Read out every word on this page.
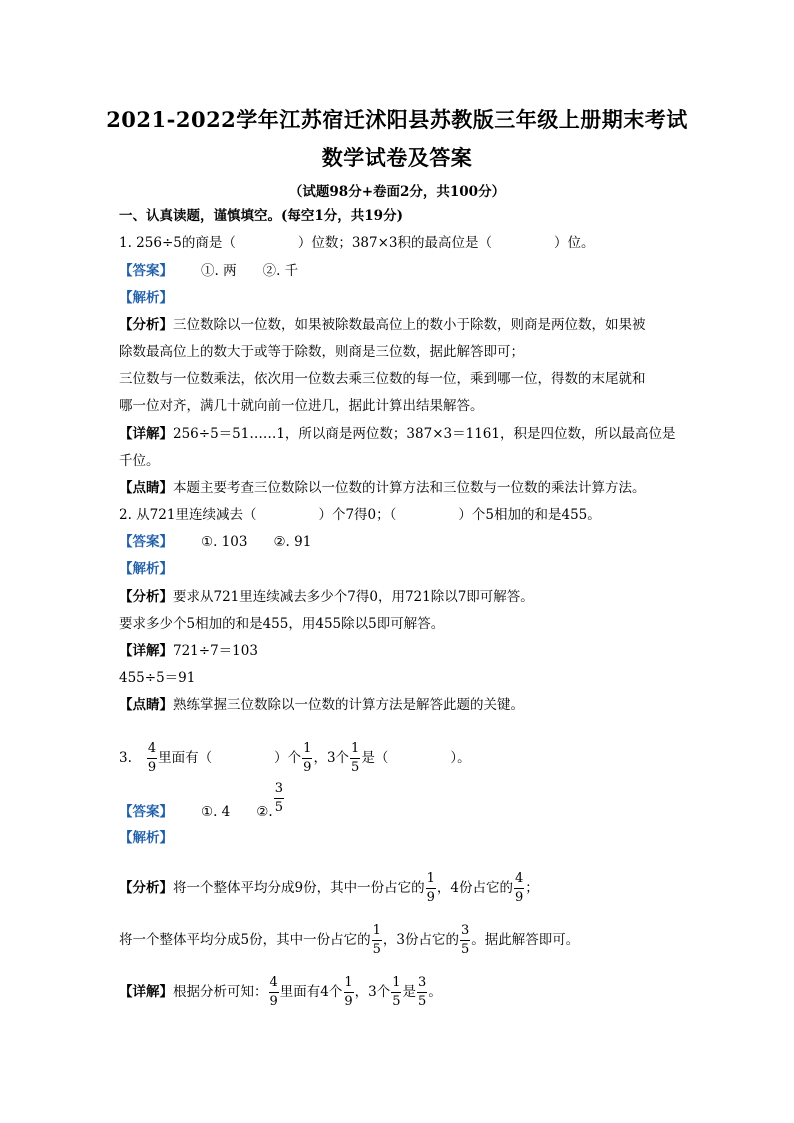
2021-2022学年江苏宿迁沭阳县苏教版三年级上册期末考试
数学试卷及答案
（试题98分+卷面2分，共100分）
一、认真读题，谨慎填空。(每空1分，共19分)
1. 256÷5的商是（	）位数；387×3积的最高位是（	）位。
【答案】 ①. 两 ②. 千
【解析】
【分析】三位数除以一位数，如果被除数最高位上的数小于除数，则商是两位数，如果被
除数最高位上的数大于或等于除数，则商是三位数，据此解答即可；
三位数与一位数乘法，依次用一位数去乘三位数的每一位，乘到哪一位，得数的末尾就和
哪一位对齐，满几十就向前一位进几，据此计算出结果解答。
【详解】256÷5＝51……1，所以商是两位数；387×3＝1161，积是四位数，所以最高位是
千位。
【点睛】本题主要考查三位数除以一位数的计算方法和三位数与一位数的乘法计算方法。
2. 从721里连续减去（	）个7得0；（	）个5相加的和是455。
【答案】 ①. 103 ②. 91
【解析】
【分析】要求从721里连续减去多少个7得0，用721除以7即可解答。
要求多少个5相加的和是455，用455除以5即可解答。
【详解】721÷7＝103
455÷5＝91
【点睛】熟练掌握三位数除以一位数的计算方法是解答此题的关键。
3. $\frac{4}{9}$ 里面有（	）个 $\frac{1}{9}$ ，3个 $\frac{1}{5}$ 是（	）。
【答案】 ①. 4 ②. $\frac{3}{5}$
【解析】
【分析】将一个整体平均分成9份，其中一份占它的 $\frac{1}{9}$ ，4份占它的 $\frac{4}{9}$ ；
将一个整体平均分成5份，其中一份占它的 $\frac{1}{5}$ ，3份占它的 $\frac{3}{5}$ 。据此解答即可。
【详解】根据分析可知： $\frac{4}{9}$ 里面有4个 $\frac{1}{9}$ ，3个 $\frac{1}{5}$ 是 $\frac{3}{5}$ 。
